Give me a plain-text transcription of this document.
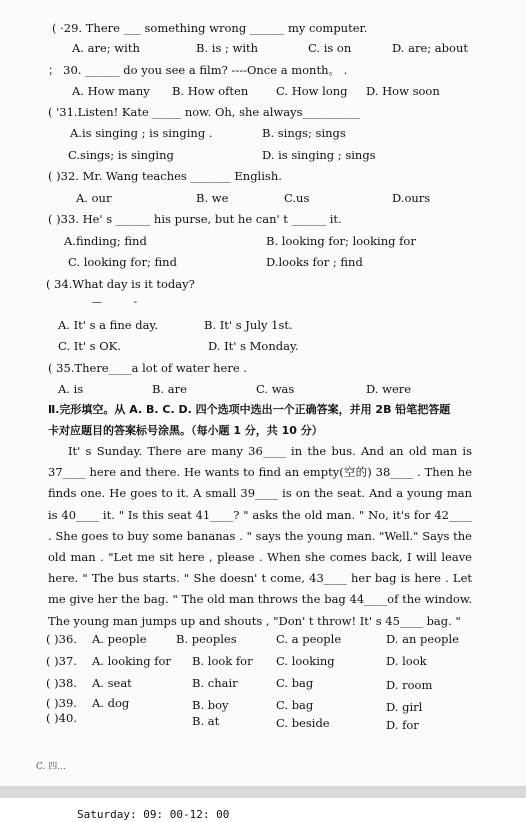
( ·29. There ___ something wrong ______ my computer.
A. are; with	B. is ; with	C. is on	D. are; about
； 30. ______ do you see a film? ----Once a month。 .
A. How many B. How often C. How long D. How soon
( '31.Listen! Kate _____ now. Oh, she always__________
A.is singing ; is singing .	B. sings; sings
C.sings; is singing	D. is singing ; sings
( )32. Mr. Wang teaches _______ English.
A. our	B. we	C.us	D.ours
( )33. He' s ______ his purse, but he can' t ______ it.
A.finding; find	B. looking for; looking for
C. looking for; find	D.looks for ; find
( 34.What day is it today?
—          -
A. It' s a fine day.	B. It' s July 1st.
C. It' s OK.	D. It' s Monday.
( 35.There____a lot of water here .
A. is	B. are	C. was	D. were
Ⅱ.完形填空。从 A. B. C. D. 四个选项中选出一个正确答案，并用 2B 铅笔把答题
卡对应题目的答案标号涂黑。（每小题 1 分，共 10 分）
It' s Sunday. There are many 36____ in the bus. And an old man is 37____ here and there. He wants to find an empty(空的) 38____ . Then he finds one. He goes to it. A small 39____ is on the seat. And a young man is 40____ it. " Is this seat 41____? " asks the old man. " No, it's for 42____ . She goes to buy some bananas . " says the young man. "Well." Says the old man . "Let me sit here , please . When she comes back, I will leave here. " The bus starts. " She doesn' t come, 43____ her bag is here . Let me give her the bag. " The old man throws the bag 44____of the window. The young man jumps up and shouts , "Don' t throw! It' s 45____ bag. "
( )36. A. people	B. peoples	C. a people	D. an people
( )37. A. looking for B. look for C. looking	D. look
( )38. A. seat	B. chair	C. bag	D. room
( )39. A. dog	B. boy	C. bag	D. girl
( )40.	B. at	C. beside	D. for
C. 四...
Saturday: 09: 00-12: 00
